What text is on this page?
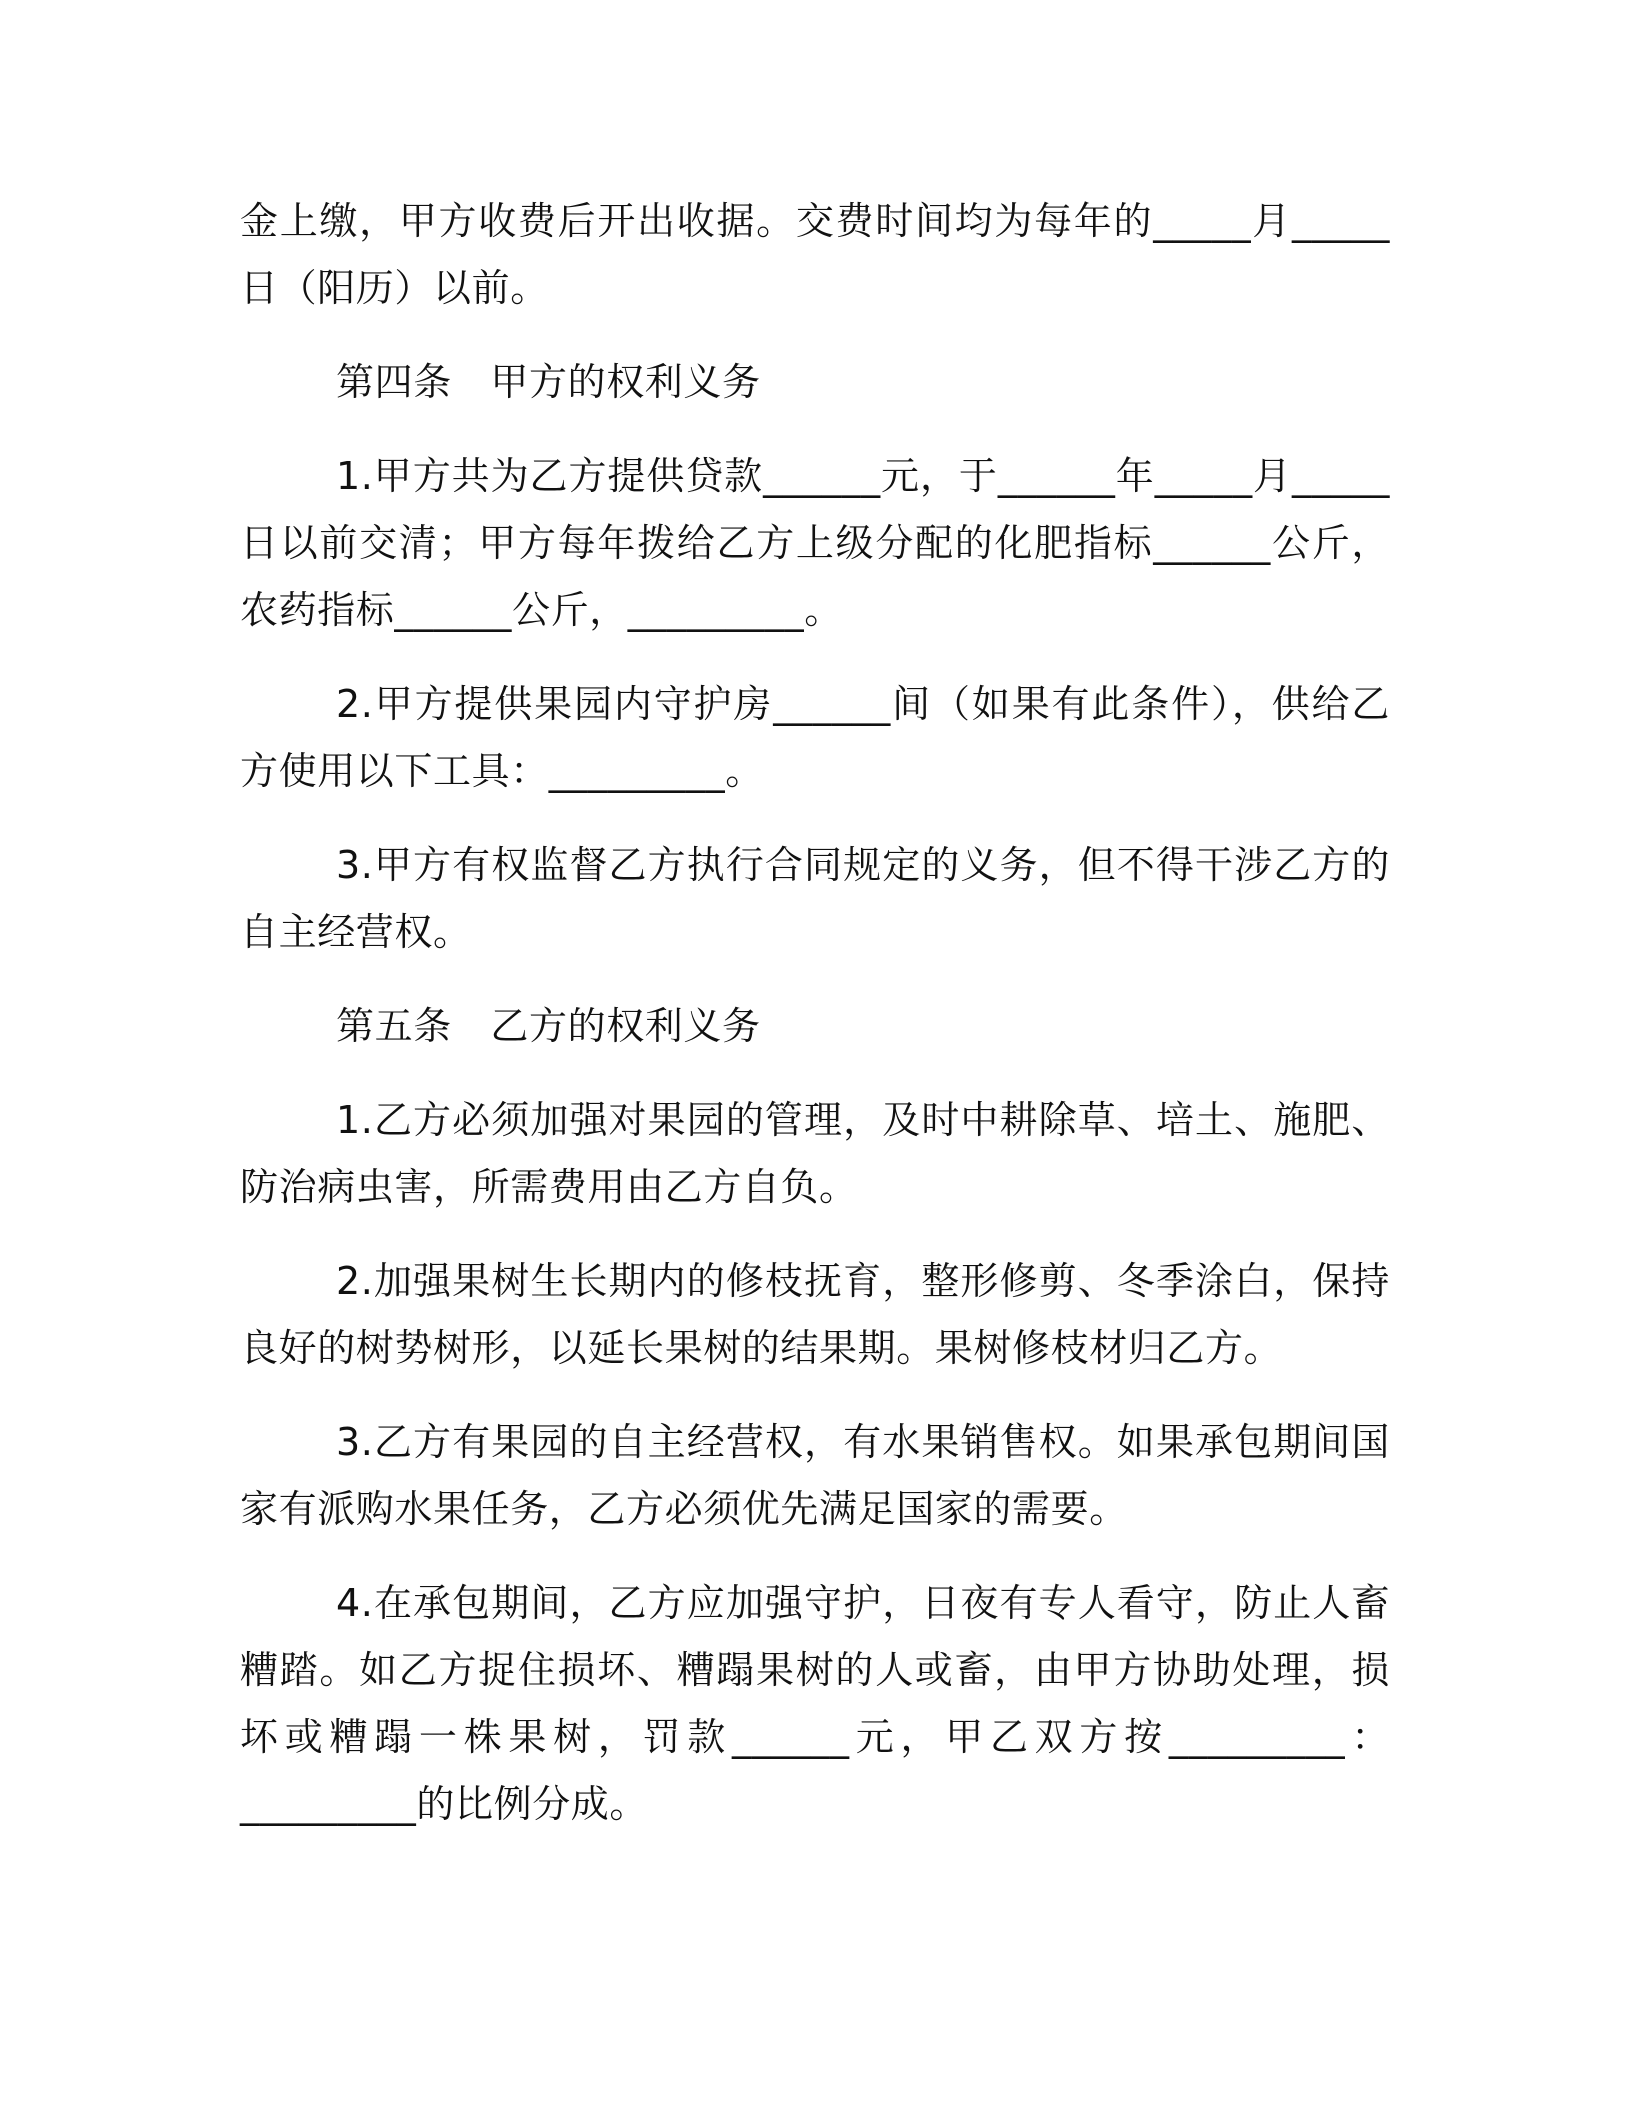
金上缴，甲方收费后开出收据。交费时间均为每年的_____月_____日（阳历）以前。

第四条　甲方的权利义务

1.甲方共为乙方提供贷款______元，于______年_____月_____日以前交清；甲方每年拨给乙方上级分配的化肥指标______公斤，农药指标______公斤，_________。

2.甲方提供果园内守护房______间（如果有此条件），供给乙方使用以下工具：_________。

3.甲方有权监督乙方执行合同规定的义务，但不得干涉乙方的自主经营权。

第五条　乙方的权利义务

1.乙方必须加强对果园的管理，及时中耕除草、培土、施肥、防治病虫害，所需费用由乙方自负。

2.加强果树生长期内的修枝抚育，整形修剪、冬季涂白，保持良好的树势树形，以延长果树的结果期。果树修枝材归乙方。

3.乙方有果园的自主经营权，有水果销售权。如果承包期间国家有派购水果任务，乙方必须优先满足国家的需要。

4.在承包期间，乙方应加强守护，日夜有专人看守，防止人畜糟踏。如乙方捉住损坏、糟蹋果树的人或畜，由甲方协助处理，损坏或糟蹋一株果树，罚款______元，甲乙双方按_________：_________的比例分成。
